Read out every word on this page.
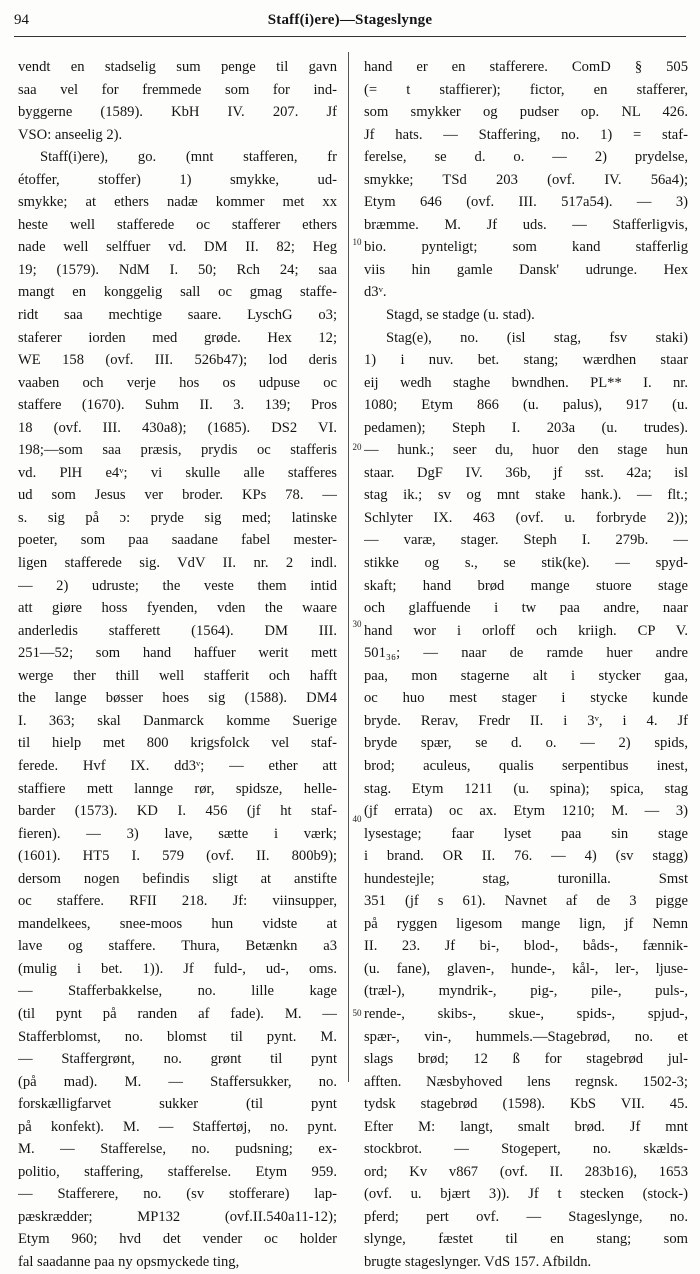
94	Staff(i)ere)—Stageslynge
vendt en stadselig sum penge til gavn
saa vel for fremmede som for ind-
byggerne (1589). KbH IV. 207. Jf
VSO: anseelig 2).
Staff(i)ere), go. (mnt stafferen, fr
étoffer, stoffer) 1) smykke, ud-
smykke; at ethers nadæ kommer met xx
heste well stafferede oc stafferer ethers
nade well selffuer vd. DM II. 82; Heg
19; (1579). NdM I. 50; Rch 24; saa
mangt en konggelig sall oc gmag staffe-
ridt saa mechtige saare. LyschG o3;
staferer iorden med grøde. Hex 12;
WE 158 (ovf. III. 526b47); lod deris
vaaben och verje hos os udpuse oc
staffere (1670). Suhm II. 3. 139; Pros
18 (ovf. III. 430a8); (1685). DS2 VI.
198;—som saa præsis, prydis oc stafferis
vd. PlH e4ᵛ; vi skulle alle stafferes
ud som Jesus ver broder. KPs 78. —
s. sig på ɔ: pryde sig med; latinske
poeter, som paa saadane fabel mester-
ligen stafferede sig. VdV II. nr. 2 indl.
— 2) udruste; the veste them intid
att giøre hoss fyenden, vden the waare
anderledis stafferett (1564). DM III.
251—52; som hand haffuer werit mett
werge ther thill well stafferit och hafft
the lange bøsser hoes sig (1588). DM4
I. 363; skal Danmarck komme Suerige
til hielp met 800 krigsfolck vel staf-
ferede. Hvf IX. dd3ᵛ; — ether att
staffiere mett lannge rør, spidsze, helle-
barder (1573). KD I. 456 (jf ht staf-
fieren). — 3) lave, sætte i værk;
(1601). HT5 I. 579 (ovf. II. 800b9);
dersom nogen befindis sligt at anstifte
oc staffere. RFII 218. Jf: viinsupper,
mandelkees, snee-moos hun vidste at
lave og staffere. Thura, Betænkn a3
(mulig i bet. 1)). Jf fuld-, ud-, oms.
— Stafferbakkelse, no. lille kage
(til pynt på randen af fade). M. —
Stafferblomst, no. blomst til pynt. M.
— Staffergrønt, no. grønt til pynt
(på mad). M. — Staffersukker, no.
forskælligfarvet sukker (til pynt
på konfekt). M. — Staffertøj, no. pynt.
M. — Stafferelse, no. pudsning; ex-
politio, staffering, stafferelse. Etym 959.
— Stafferere, no. (sv stofferare) lap-
pæskrædder; MP132 (ovf.II.540a11-12);
Etym 960; hvd det vender oc holder
fal saadanne paa ny opsmyckede ting,
hand er en stafferere. ComD § 505
(= t staffierer); fictor, en stafferer,
som smykker og pudser op. NL 426.
Jf hats. — Staffering, no. 1) = staf-
ferelse, se d. o. — 2) prydelse,
smykke; TSd 203 (ovf. IV. 56a4);
Etym 646 (ovf. III. 517a54). — 3)
bræmme. M. Jf uds. — Stafferligvis,
bio. pynteligt; som kand stafferlig
viis hin gamle Dansk' udrunge. Hex
d3ᵛ.
Stagd, se stadge (u. stad).
Stag(e), no. (isl stag, fsv staki)
1) i nuv. bet. stang; wærdhen staar
eij wedh staghe bwndhen. PL** I. nr.
1080; Etym 866 (u. palus), 917 (u.
pedamen); Steph I. 203a (u. trudes).
— hunk.; seer du, huor den stage hun
staar. DgF IV. 36b, jf sst. 42a; isl
stag ik.; sv og mnt stake hank.). — flt.;
Schlyter IX. 463 (ovf. u. forbryde 2));
— varæ, stager. Steph I. 279b. —
stikke og s., se stik(ke). — spyd-
skaft; hand brød mange stuore stage
och glaffuende i tw paa andre, naar
hand wor i orloff och kriigh. CP V.
501₃₆; — naar de ramde huer andre
paa, mon stagerne alt i stycker gaa,
oc huo mest stager i stycke kunde
bryde. Rerav, Fredr II. i 3ᵛ, i 4. Jf
bryde spær, se d. o. — 2) spids,
brod; aculeus, qualis serpentibus inest,
stag. Etym 1211 (u. spina); spica, stag
(jf errata) oc ax. Etym 1210; M. — 3)
lysestage; faar lyset paa sin stage
i brand. OR II. 76. — 4) (sv stagg)
hundestejle; stag, turonilla. Smst
351 (jf s 61). Navnet af de 3 pigge
på ryggen ligesom mange lign, jf Nemn
II. 23. Jf bi-, blod-, båds-, fænnik-
(u. fane), glaven-, hunde-, kål-, ler-, ljuse-
(træl-), myndrik-, pig-, pile-, puls-,
rende-, skibs-, skue-, spids-, spjud-,
spær-, vin-, hummels.—Stagebrød, no. et
slags brød; 12 ß for stagebrød jul-
afften. Næsbyhoved lens regnsk. 1502-3;
tydsk stagebrød (1598). KbS VII. 45.
Efter M: langt, smalt brød. Jf mnt
stockbrot. — Stogepert, no. skælds-
ord; Kv v867 (ovf. II. 283b16), 1653
(ovf. u. bjært 3)). Jf t stecken (stock-)
pferd; pert ovf. — Stageslynge, no.
slynge, fæstet til en stang; som
brugte stageslynger. VdS 157. Afbildn.
10
20
30
40
50
